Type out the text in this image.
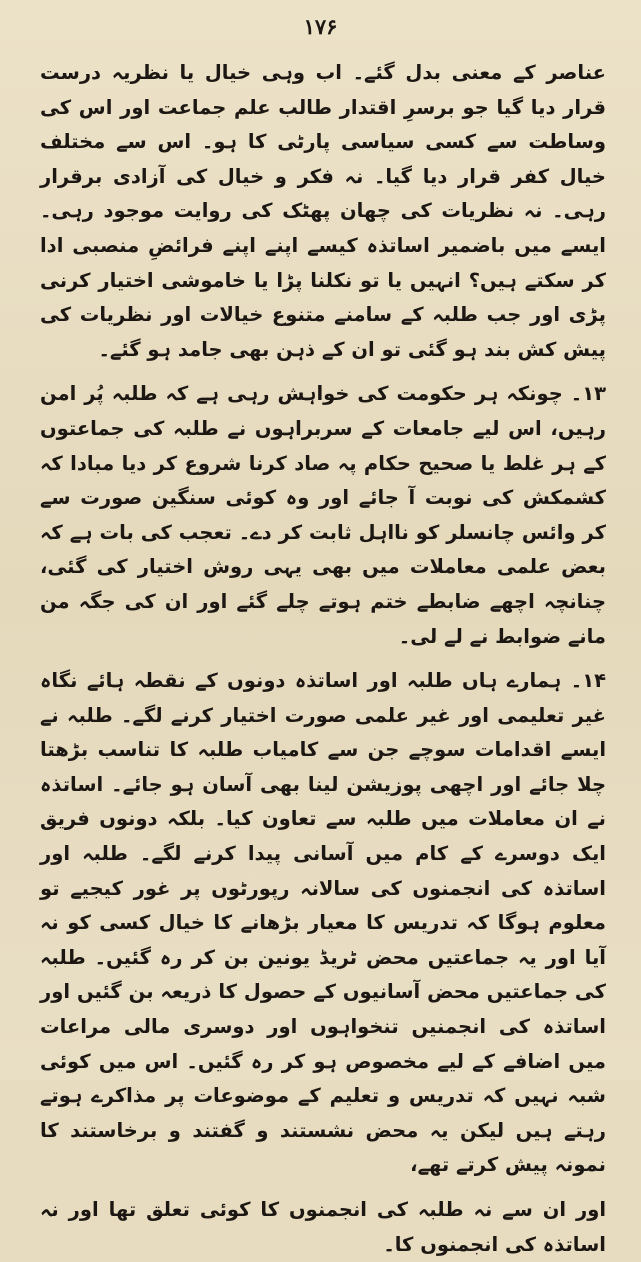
۱۷۶

عناصر کے معنی بدل گئے۔ اب وہی خیال یا نظریہ درست قرار دیا گیا جو برسرِ اقتدار طالب علم جماعت اور اس کی وساطت سے کسی سیاسی پارٹی کا ہو۔ اس سے مختلف خیال کفر قرار دیا گیا۔ نہ فکر و خیال کی آزادی برقرار رہی۔ نہ نظریات کی چھان پھٹک کی روایت موجود رہی۔ ایسے میں باضمیر اساتذہ کیسے اپنے اپنے فرائضِ منصبی ادا کر سکتے ہیں؟ انہیں یا تو نکلنا پڑا یا خاموشی اختیار کرنی پڑی اور جب طلبہ کے سامنے متنوع خیالات اور نظریات کی پیش کش بند ہو گئی تو ان کے ذہن بھی جامد ہو گئے۔

۱۳۔ چونکہ ہر حکومت کی خواہش رہی ہے کہ طلبہ پُر امن رہیں، اس لیے جامعات کے سربراہوں نے طلبہ کی جماعتوں کے ہر غلط یا صحیح حکام پہ صاد کرنا شروع کر دیا مبادا کہ کشمکش کی نوبت آ جائے اور وہ کوئی سنگین صورت سے کر وائس چانسلر کو نااہل ثابت کر دے۔ تعجب کی بات ہے کہ بعض علمی معاملات میں بھی یہی روش اختیار کی گئی، چنانچہ اچھے ضابطے ختم ہوتے چلے گئے اور ان کی جگہ من مانے ضوابط نے لے لی۔

۱۴۔ ہمارے ہاں طلبہ اور اساتذہ دونوں کے نقطہ ہائے نگاہ غیر تعلیمی اور غیر علمی صورت اختیار کرنے لگے۔ طلبہ نے ایسے اقدامات سوچے جن سے کامیاب طلبہ کا تناسب بڑھتا چلا جائے اور اچھی پوزیشن لینا بھی آسان ہو جائے۔ اساتذہ نے ان معاملات میں طلبہ سے تعاون کیا۔ بلکہ دونوں فریق ایک دوسرے کے کام میں آسانی پیدا کرنے لگے۔ طلبہ اور اساتذہ کی انجمنوں کی سالانہ رپورٹوں پر غور کیجیے تو معلوم ہوگا کہ تدریس کا معیار بڑھانے کا خیال کسی کو نہ آیا اور یہ جماعتیں محض ٹریڈ یونین بن کر رہ گئیں۔ طلبہ کی جماعتیں محض آسانیوں کے حصول کا ذریعہ بن گئیں اور اساتذہ کی انجمنیں تنخواہوں اور دوسری مالی مراعات میں اضافے کے لیے مخصوص ہو کر رہ گئیں۔ اس میں کوئی شبہ نہیں کہ تدریس و تعلیم کے موضوعات پر مذاکرے ہوتے رہتے ہیں لیکن یہ محض نشستند و گفتند و برخاستند کا نمونہ پیش کرتے تھے،

اور ان سے نہ طلبہ کی انجمنوں کا کوئی تعلق تھا اور نہ اساتذہ کی انجمنوں کا۔
